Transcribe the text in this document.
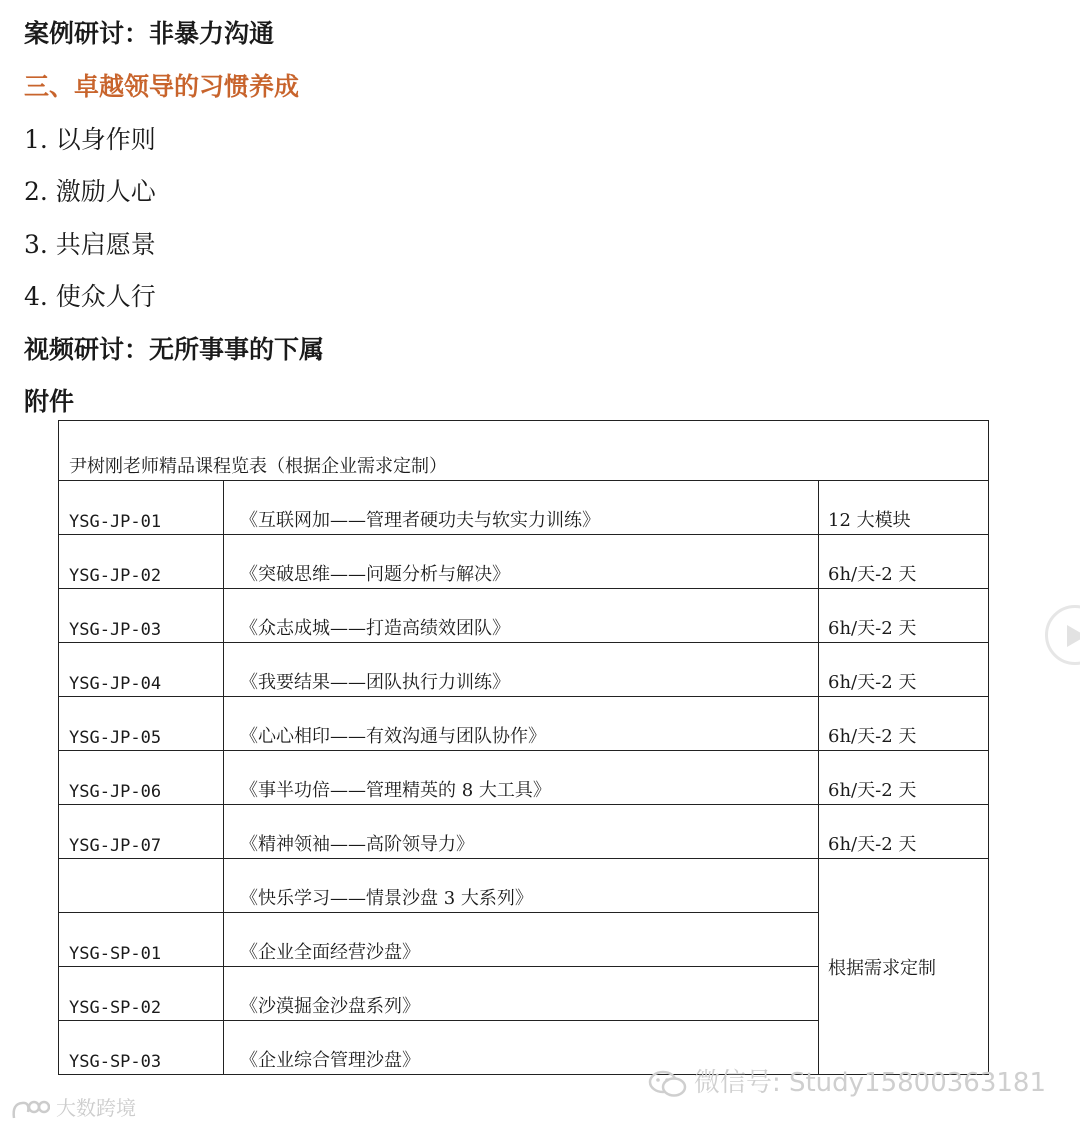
案例研讨：非暴力沟通
三、卓越领导的习惯养成
1. 以身作则
2. 激励人心
3. 共启愿景
4. 使众人行
视频研讨：无所事事的下属
附件
尹树刚老师精品课程览表（根据企业需求定制）		
YSG-JP-01	《互联网加——管理者硬功夫与软实力训练》	12 大模块
YSG-JP-02	《突破思维——问题分析与解决》	6h/天-2 天
YSG-JP-03	《众志成城——打造高绩效团队》	6h/天-2 天
YSG-JP-04	《我要结果——团队执行力训练》	6h/天-2 天
YSG-JP-05	《心心相印——有效沟通与团队协作》	6h/天-2 天
YSG-JP-06	《事半功倍——管理精英的 8 大工具》	6h/天-2 天
YSG-JP-07	《精神领袖——高阶领导力》	6h/天-2 天
	《快乐学习——情景沙盘 3 大系列》	根据需求定制
YSG-SP-01	《企业全面经营沙盘》	
YSG-SP-02	《沙漠掘金沙盘系列》	
YSG-SP-03	《企业综合管理沙盘》	
微信号: Study15800363181
大数跨境
